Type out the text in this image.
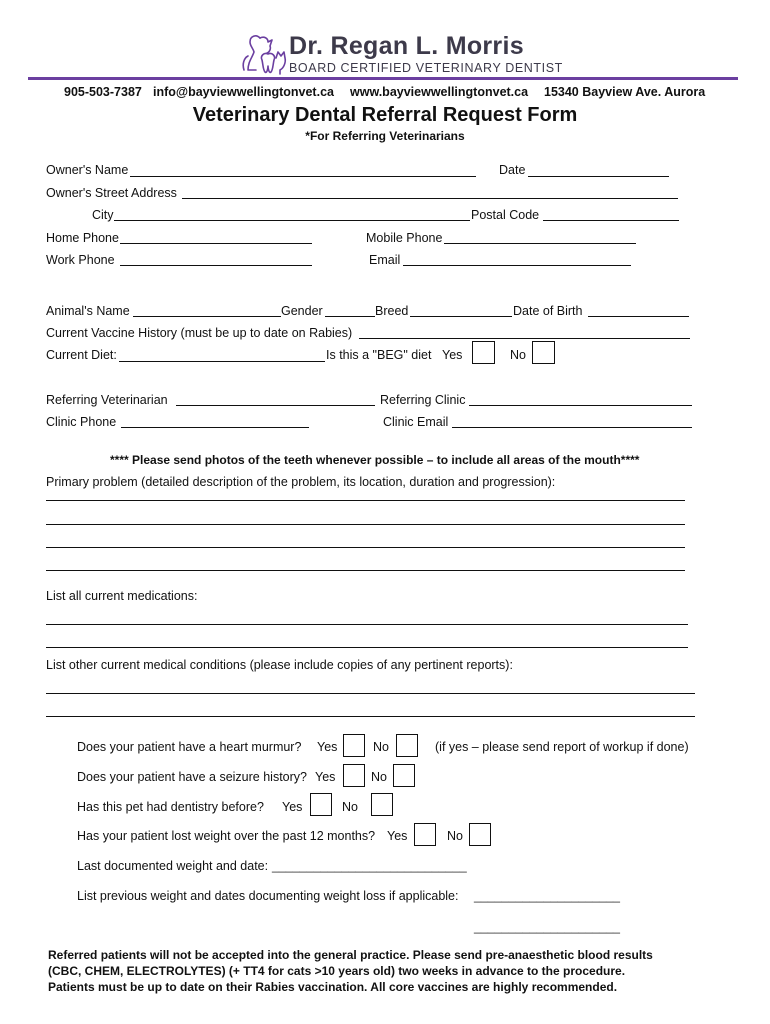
Dr. Regan L. Morris
BOARD CERTIFIED VETERINARY DENTIST
905-503-7387 info@bayviewwellingtonvet.ca www.bayviewwellingtonvet.ca 15340 Bayview Ave. Aurora
Veterinary Dental Referral Request Form
*For Referring Veterinarians
Owner's Name	Date
Owner's Street Address
City	Postal Code
Home Phone	Mobile Phone
Work Phone	Email
Animal's Name	Gender	Breed	Date of Birth
Current Vaccine History (must be up to date on Rabies)
Current Diet:	Is this a "BEG" diet Yes	No
Referring Veterinarian	Referring Clinic
Clinic Phone	Clinic Email
**** Please send photos of the teeth whenever possible – to include all areas of the mouth****
Primary problem (detailed description of the problem, its location, duration and progression):
List all current medications:
List other current medical conditions (please include copies of any pertinent reports):
Does your patient have a heart murmur? Yes	No	(if yes – please send report of workup if done)
Does your patient have a seizure history? Yes	No
Has this pet had dentistry before? Yes	No
Has your patient lost weight over the past 12 months? Yes	No
Last documented weight and date: ____________________________
List previous weight and dates documenting weight loss if applicable: _____________________
_____________________
Referred patients will not be accepted into the general practice. Please send pre-anaesthetic blood results
(CBC, CHEM, ELECTROLYTES) (+ TT4 for cats >10 years old) two weeks in advance to the procedure.
Patients must be up to date on their Rabies vaccination. All core vaccines are highly recommended.
